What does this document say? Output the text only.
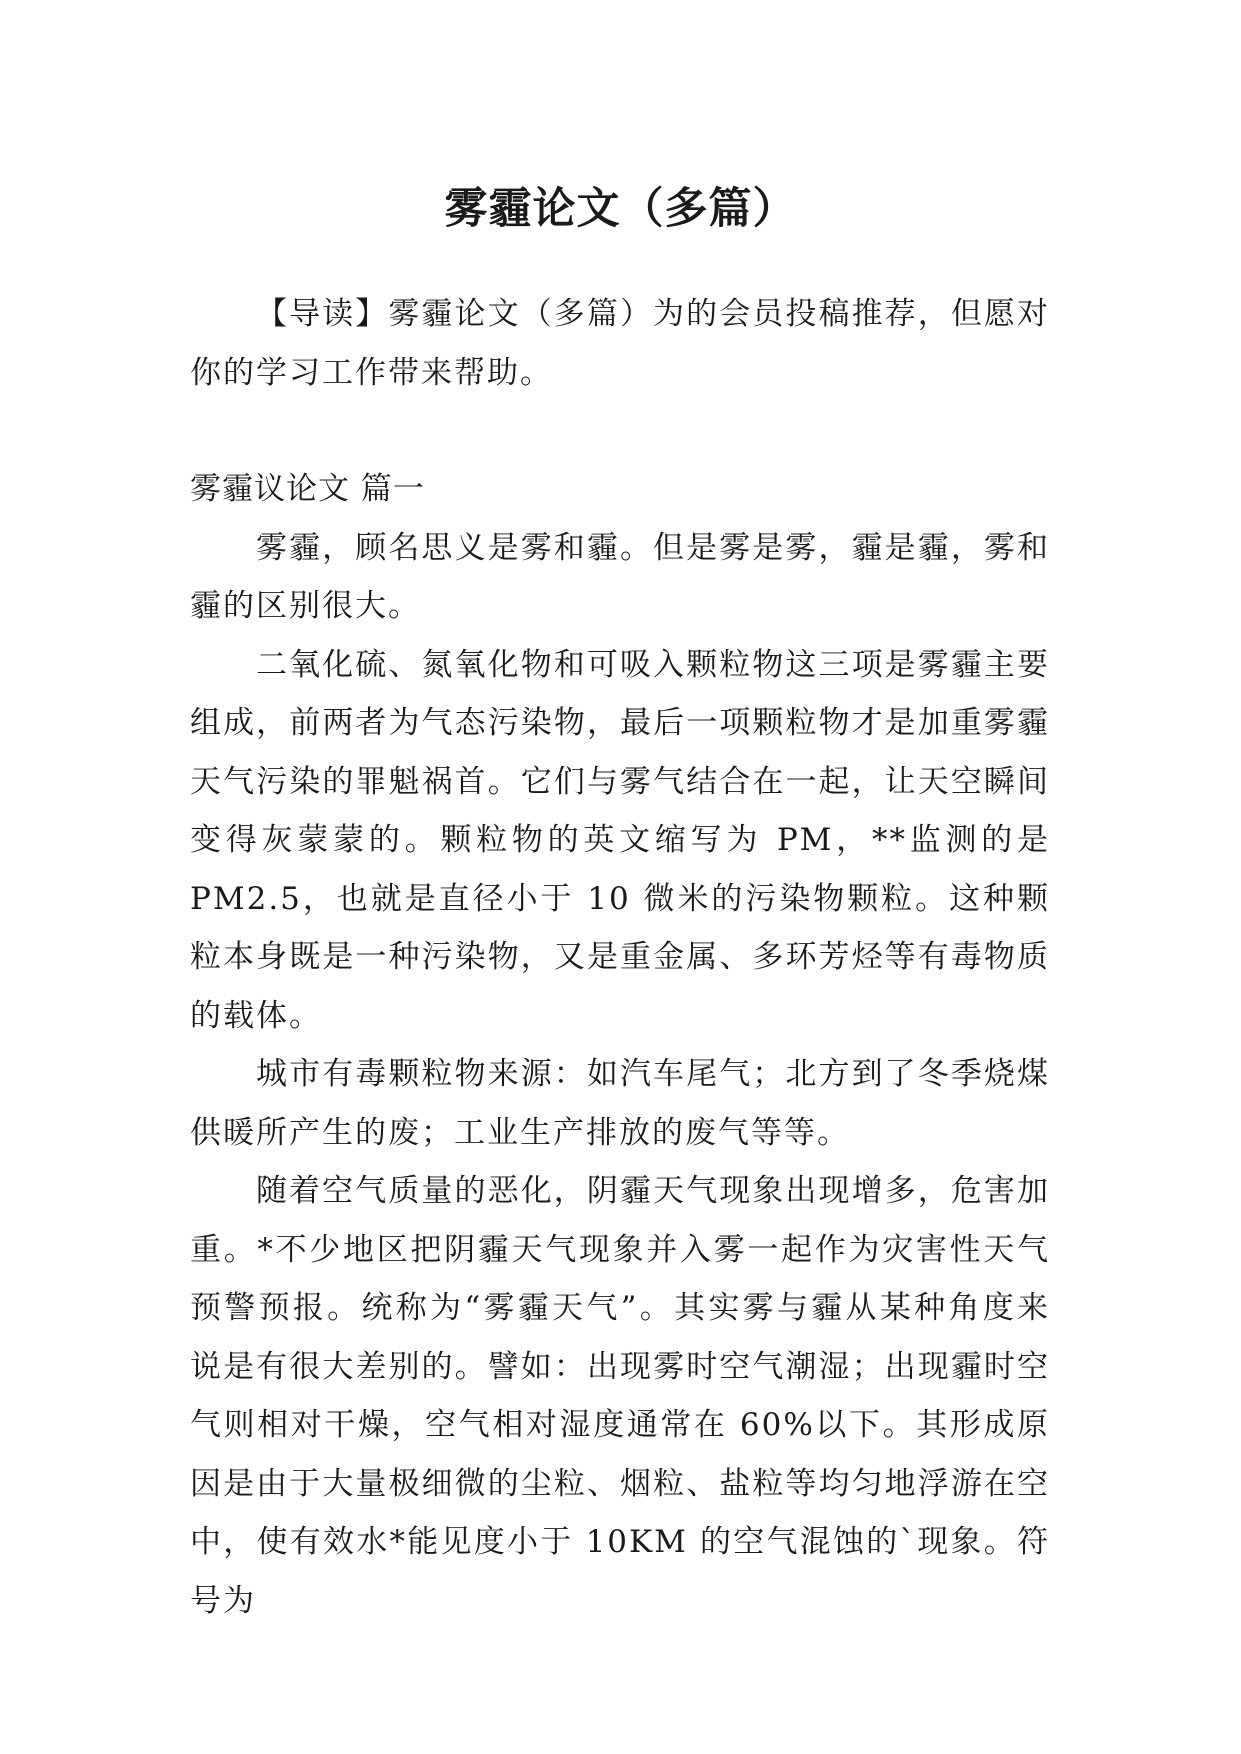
雾霾论文（多篇）

【导读】雾霾论文（多篇）为的会员投稿推荐，但愿对你的学习工作带来帮助。

雾霾议论文 篇一

雾霾，顾名思义是雾和霾。但是雾是雾，霾是霾，雾和霾的区别很大。

二氧化硫、氮氧化物和可吸入颗粒物这三项是雾霾主要组成，前两者为气态污染物，最后一项颗粒物才是加重雾霾天气污染的罪魁祸首。它们与雾气结合在一起，让天空瞬间变得灰蒙蒙的。颗粒物的英文缩写为 PM，**监测的是 PM2.5，也就是直径小于 10 微米的污染物颗粒。这种颗粒本身既是一种污染物，又是重金属、多环芳烃等有毒物质的载体。

城市有毒颗粒物来源：如汽车尾气；北方到了冬季烧煤供暖所产生的废；工业生产排放的废气等等。

随着空气质量的恶化，阴霾天气现象出现增多，危害加重。*不少地区把阴霾天气现象并入雾一起作为灾害性天气预警预报。统称为“雾霾天气”。其实雾与霾从某种角度来说是有很大差别的。譬如：出现雾时空气潮湿；出现霾时空气则相对干燥，空气相对湿度通常在 60%以下。其形成原因是由于大量极细微的尘粒、烟粒、盐粒等均匀地浮游在空中，使有效水*能见度小于 10KM 的空气混蚀的`现象。符号为
